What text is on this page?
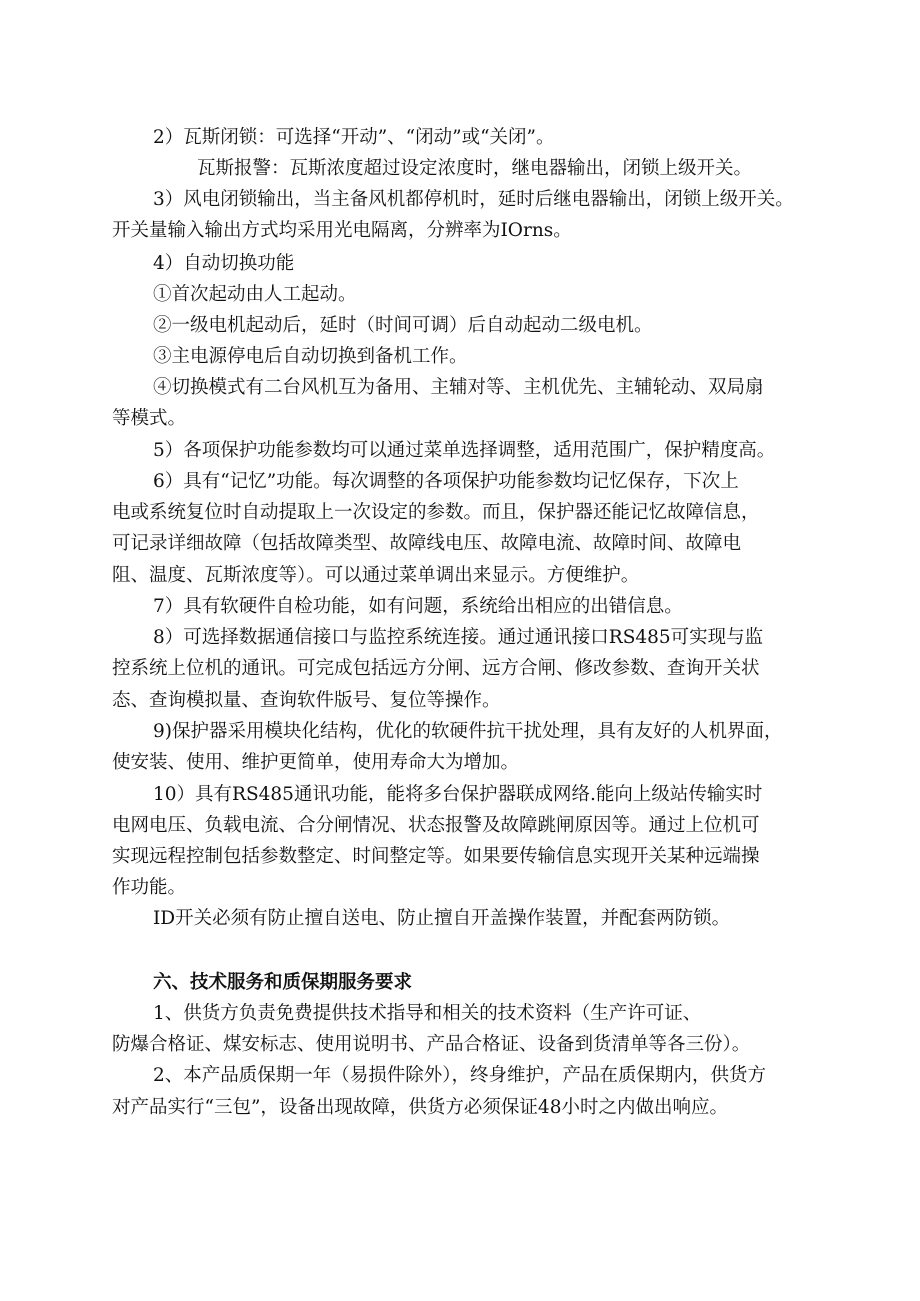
2）瓦斯闭锁：可选择“开动”、“闭动”或“关闭”。
瓦斯报警：瓦斯浓度超过设定浓度时，继电器输出，闭锁上级开关。
3）风电闭锁输出，当主备风机都停机时，延时后继电器输出，闭锁上级开关。
开关量输入输出方式均采用光电隔离，分辨率为IOrns。
4）自动切换功能
①首次起动由人工起动。
②一级电机起动后，延时（时间可调）后自动起动二级电机。
③主电源停电后自动切换到备机工作。
④切换模式有二台风机互为备用、主辅对等、主机优先、主辅轮动、双局扇
等模式。
5）各项保护功能参数均可以通过菜单选择调整，适用范围广，保护精度高。
6）具有“记忆”功能。每次调整的各项保护功能参数均记忆保存，下次上
电或系统复位时自动提取上一次设定的参数。而且，保护器还能记忆故障信息，
可记录详细故障（包括故障类型、故障线电压、故障电流、故障时间、故障电
阻、温度、瓦斯浓度等）。可以通过菜单调出来显示。方便维护。
7）具有软硬件自检功能，如有问题，系统给出相应的出错信息。
8）可选择数据通信接口与监控系统连接。通过通讯接口RS485可实现与监
控系统上位机的通讯。可完成包括远方分闸、远方合闸、修改参数、查询开关状
态、查询模拟量、查询软件版号、复位等操作。
9)保护器采用模块化结构，优化的软硬件抗干扰处理，具有友好的人机界面，
使安装、使用、维护更简单，使用寿命大为增加。
10）具有RS485通讯功能，能将多台保护器联成网络.能向上级站传输实时
电网电压、负载电流、合分闸情况、状态报警及故障跳闸原因等。通过上位机可
实现远程控制包括参数整定、时间整定等。如果要传输信息实现开关某种远端操
作功能。
ID开关必须有防止擅自送电、防止擅自开盖操作装置，并配套两防锁。
六、技术服务和质保期服务要求
1、供货方负责免费提供技术指导和相关的技术资料（生产许可证、
防爆合格证、煤安标志、使用说明书、产品合格证、设备到货清单等各三份）。
2、本产品质保期一年（易损件除外），终身维护，产品在质保期内，供货方
对产品实行“三包”，设备出现故障，供货方必须保证48小时之内做出响应。
